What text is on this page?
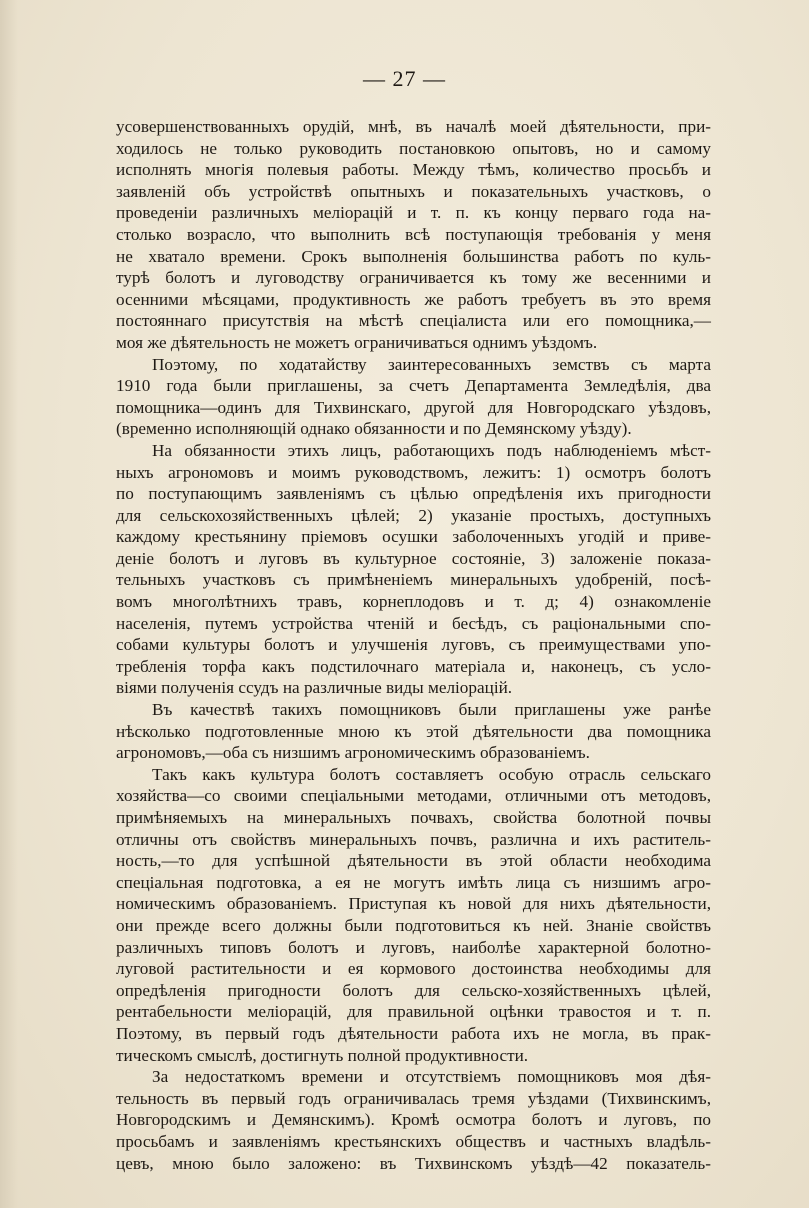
— 27 —
усовершенствованныхъ орудій, мнѣ, въ началѣ моей дѣятельности, при-
ходилось не только руководить постановкою опытовъ, но и самому
исполнять многія полевыя работы. Между тѣмъ, количество просьбъ и
заявленій объ устройствѣ опытныхъ и показательныхъ участковъ, о
проведеніи различныхъ меліорацій и т. п. къ концу перваго года на-
столько возрасло, что выполнить всѣ поступающія требованія у меня
не хватало времени. Срокъ выполненія большинства работъ по куль-
турѣ болотъ и луговодству ограничивается къ тому же весенними и
осенними мѣсяцами, продуктивность же работъ требуетъ въ это время
постояннаго присутствія на мѣстѣ спеціалиста или его помощника,—
моя же дѣятельность не можетъ ограничиваться однимъ уѣздомъ.
Поэтому, по ходатайству заинтересованныхъ земствъ съ марта
1910 года были приглашены, за счетъ Департамента Земледѣлія, два
помощника—одинъ для Тихвинскаго, другой для Новгородскаго уѣздовъ,
(временно исполняющій однако обязанности и по Демянскому уѣзду).
На обязанности этихъ лицъ, работающихъ подъ наблюденіемъ мѣст-
ныхъ агрономовъ и моимъ руководствомъ, лежитъ: 1) осмотръ болотъ
по поступающимъ заявленіямъ съ цѣлью опредѣленія ихъ пригодности
для сельскохозяйственныхъ цѣлей; 2) указаніе простыхъ, доступныхъ
каждому крестьянину пріемовъ осушки заболоченныхъ угодій и приве-
деніе болотъ и луговъ въ культурное состояніе, 3) заложеніе показа-
тельныхъ участковъ съ примѣненіемъ минеральныхъ удобреній, посѣ-
вомъ многолѣтнихъ травъ, корнеплодовъ и т. д; 4) ознакомленіе
населенія, путемъ устройства чтеній и бесѣдъ, съ раціональными спо-
собами культуры болотъ и улучшенія луговъ, съ преимуществами упо-
требленія торфа какъ подстилочнаго матеріала и, наконецъ, съ усло-
віями полученія ссудъ на различные виды меліорацій.
Въ качествѣ такихъ помощниковъ были приглашены уже ранѣе
нѣсколько подготовленные мною къ этой дѣятельности два помощника
агрономовъ,—оба съ низшимъ агрономическимъ образованіемъ.
Такъ какъ культура болотъ составляетъ особую отрасль сельскаго
хозяйства—со своими спеціальными методами, отличными отъ методовъ,
примѣняемыхъ на минеральныхъ почвахъ, свойства болотной почвы
отличны отъ свойствъ минеральныхъ почвъ, различна и ихъ раститель-
ность,—то для успѣшной дѣятельности въ этой области необходима
спеціальная подготовка, а ея не могутъ имѣть лица съ низшимъ агро-
номическимъ образованіемъ. Приступая къ новой для нихъ дѣятельности,
они прежде всего должны были подготовиться къ ней. Знаніе свойствъ
различныхъ типовъ болотъ и луговъ, наиболѣе характерной болотно-
луговой растительности и ея кормового достоинства необходимы для
опредѣленія пригодности болотъ для сельско-хозяйственныхъ цѣлей,
рентабельности меліорацій, для правильной оцѣнки травостоя и т. п.
Поэтому, въ первый годъ дѣятельности работа ихъ не могла, въ прак-
тическомъ смыслѣ, достигнуть полной продуктивности.
За недостаткомъ времени и отсутствіемъ помощниковъ моя дѣя-
тельность въ первый годъ ограничивалась тремя уѣздами (Тихвинскимъ,
Новгородскимъ и Демянскимъ). Кромѣ осмотра болотъ и луговъ, по
просьбамъ и заявленіямъ крестьянскихъ обществъ и частныхъ владѣль-
цевъ, мною было заложено: въ Тихвинскомъ уѣздѣ—42 показатель-
